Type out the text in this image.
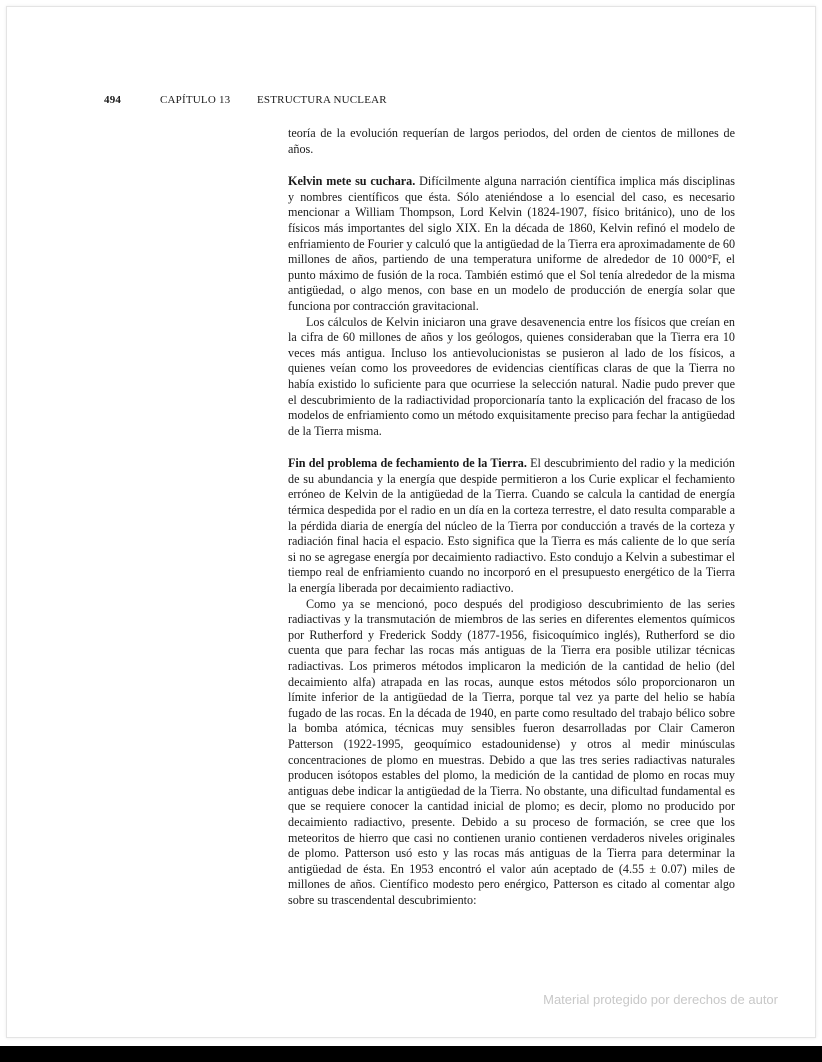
494	CAPÍTULO 13 ESTRUCTURA NUCLEAR

teoría de la evolución requerían de largos periodos, del orden de cientos de millones de años.

Kelvin mete su cuchara. Difícilmente alguna narración científica implica más disciplinas y nombres científicos que ésta. Sólo ateniéndose a lo esencial del caso, es necesario mencionar a William Thompson, Lord Kelvin (1824-1907, físico británico), uno de los físicos más importantes del siglo XIX. En la década de 1860, Kelvin refinó el modelo de enfriamiento de Fourier y calculó que la antigüedad de la Tierra era aproximadamente de 60 millones de años, partiendo de una temperatura uniforme de alrededor de 10 000°F, el punto máximo de fusión de la roca. También estimó que el Sol tenía alrededor de la misma antigüedad, o algo menos, con base en un modelo de producción de energía solar que funciona por contracción gravitacional.

Los cálculos de Kelvin iniciaron una grave desavenencia entre los físicos que creían en la cifra de 60 millones de años y los geólogos, quienes consideraban que la Tierra era 10 veces más antigua. Incluso los antievolucionistas se pusieron al lado de los físicos, a quienes veían como los proveedores de evidencias científicas claras de que la Tierra no había existido lo suficiente para que ocurriese la selección natural. Nadie pudo prever que el descubrimiento de la radiactividad proporcionaría tanto la explicación del fracaso de los modelos de enfriamiento como un método exquisitamente preciso para fechar la antigüedad de la Tierra misma.

Fin del problema de fechamiento de la Tierra. El descubrimiento del radio y la medición de su abundancia y la energía que despide permitieron a los Curie explicar el fechamiento erróneo de Kelvin de la antigüedad de la Tierra. Cuando se calcula la cantidad de energía térmica despedida por el radio en un día en la corteza terrestre, el dato resulta comparable a la pérdida diaria de energía del núcleo de la Tierra por conducción a través de la corteza y radiación final hacia el espacio. Esto significa que la Tierra es más caliente de lo que sería si no se agregase energía por decaimiento radiactivo. Esto condujo a Kelvin a subestimar el tiempo real de enfriamiento cuando no incorporó en el presupuesto energético de la Tierra la energía liberada por decaimiento radiactivo.

Como ya se mencionó, poco después del prodigioso descubrimiento de las series radiactivas y la transmutación de miembros de las series en diferentes elementos químicos por Rutherford y Frederick Soddy (1877-1956, fisicoquímico inglés), Rutherford se dio cuenta que para fechar las rocas más antiguas de la Tierra era posible utilizar técnicas radiactivas. Los primeros métodos implicaron la medición de la cantidad de helio (del decaimiento alfa) atrapada en las rocas, aunque estos métodos sólo proporcionaron un límite inferior de la antigüedad de la Tierra, porque tal vez ya parte del helio se había fugado de las rocas. En la década de 1940, en parte como resultado del trabajo bélico sobre la bomba atómica, técnicas muy sensibles fueron desarrolladas por Clair Cameron Patterson (1922-1995, geoquímico estadounidense) y otros al medir minúsculas concentraciones de plomo en muestras. Debido a que las tres series radiactivas naturales producen isótopos estables del plomo, la medición de la cantidad de plomo en rocas muy antiguas debe indicar la antigüedad de la Tierra. No obstante, una dificultad fundamental es que se requiere conocer la cantidad inicial de plomo; es decir, plomo no producido por decaimiento radiactivo, presente. Debido a su proceso de formación, se cree que los meteoritos de hierro que casi no contienen uranio contienen verdaderos niveles originales de plomo. Patterson usó esto y las rocas más antiguas de la Tierra para determinar la antigüedad de ésta. En 1953 encontró el valor aún aceptado de (4.55 ± 0.07) miles de millones de años. Científico modesto pero enérgico, Patterson es citado al comentar algo sobre su trascendental descubrimiento:

Material protegido por derechos de autor
